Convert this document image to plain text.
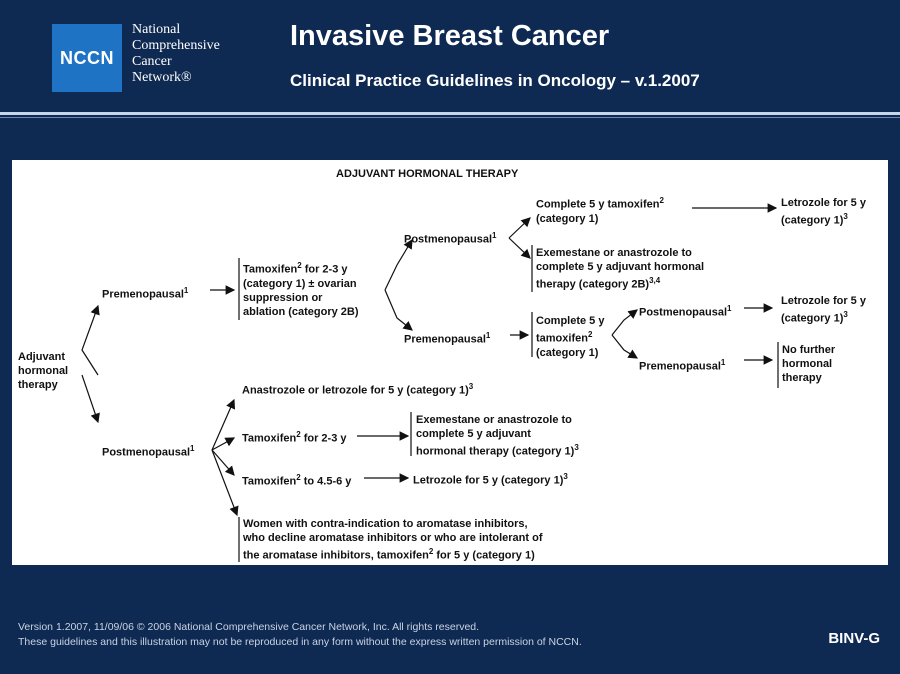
NCCN
National
Comprehensive
Cancer
Network®
Invasive Breast Cancer
Clinical Practice Guidelines in Oncology – v.1.2007
ADJUVANT HORMONAL THERAPY
Adjuvant
hormonal
therapy
Premenopausal$^1$
Tamoxifen$^2$ for 2-3 y
(category 1) ± ovarian
suppression or
ablation (category 2B)
Postmenopausal$^1$
Premenopausal$^1$
Complete 5 y tamoxifen$^2$
(category 1)
Letrozole for 5 y
(category 1)$^3$
Exemestane or anastrozole to
complete 5 y adjuvant hormonal
therapy (category 2B)$^{3,4}$
Complete 5 y
tamoxifen$^2$
(category 1)
Postmenopausal$^1$
Premenopausal$^1$
Letrozole for 5 y
(category 1)$^3$
No further
hormonal
therapy
Postmenopausal$^1$
Anastrozole or letrozole for 5 y (category 1)$^3$
Tamoxifen$^2$ for 2-3 y
Exemestane or anastrozole to
complete 5 y adjuvant
hormonal therapy (category 1)$^3$
Tamoxifen$^2$ to 4.5-6 y	Letrozole for 5 y (category 1)$^3$
Women with contra-indication to aromatase inhibitors,
who decline aromatase inhibitors or who are intolerant of
the aromatase inhibitors, tamoxifen$^2$ for 5 y (category 1)
Version 1.2007, 11/09/06 © 2006 National Comprehensive Cancer Network, Inc. All rights reserved.
These guidelines and this illustration may not be reproduced in any form without the express written permission of NCCN.	BINV-G
